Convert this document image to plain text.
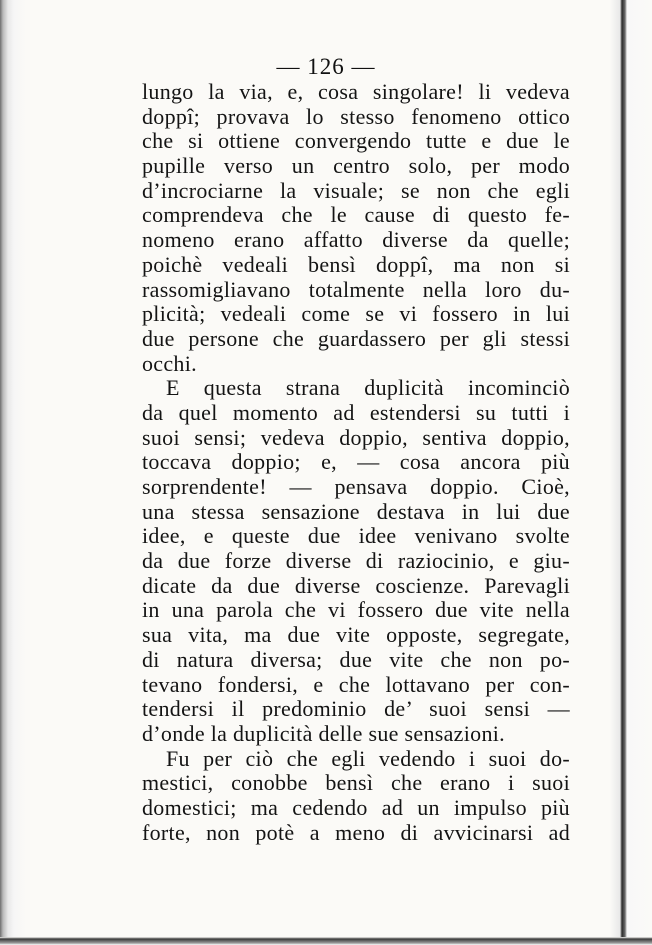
— 126 —
lungo la via, e, cosa singolare! li vedeva
doppî; provava lo stesso fenomeno ottico
che si ottiene convergendo tutte e due le
pupille verso un centro solo, per modo
d’incrociarne la visuale; se non che egli
comprendeva che le cause di questo fe-
nomeno erano affatto diverse da quelle;
poichè vedeali bensì doppî, ma non si
rassomigliavano totalmente nella loro du-
plicità; vedeali come se vi fossero in lui
due persone che guardassero per gli stessi
occhi.
E questa strana duplicità incominciò
da quel momento ad estendersi su tutti i
suoi sensi; vedeva doppio, sentiva doppio,
toccava doppio; e, — cosa ancora più
sorprendente! — pensava doppio. Cioè,
una stessa sensazione destava in lui due
idee, e queste due idee venivano svolte
da due forze diverse di raziocinio, e giu-
dicate da due diverse coscienze. Parevagli
in una parola che vi fossero due vite nella
sua vita, ma due vite opposte, segregate,
di natura diversa; due vite che non po-
tevano fondersi, e che lottavano per con-
tendersi il predominio de’ suoi sensi —
d’onde la duplicità delle sue sensazioni.
Fu per ciò che egli vedendo i suoi do-
mestici, conobbe bensì che erano i suoi
domestici; ma cedendo ad un impulso più
forte, non potè a meno di avvicinarsi ad
